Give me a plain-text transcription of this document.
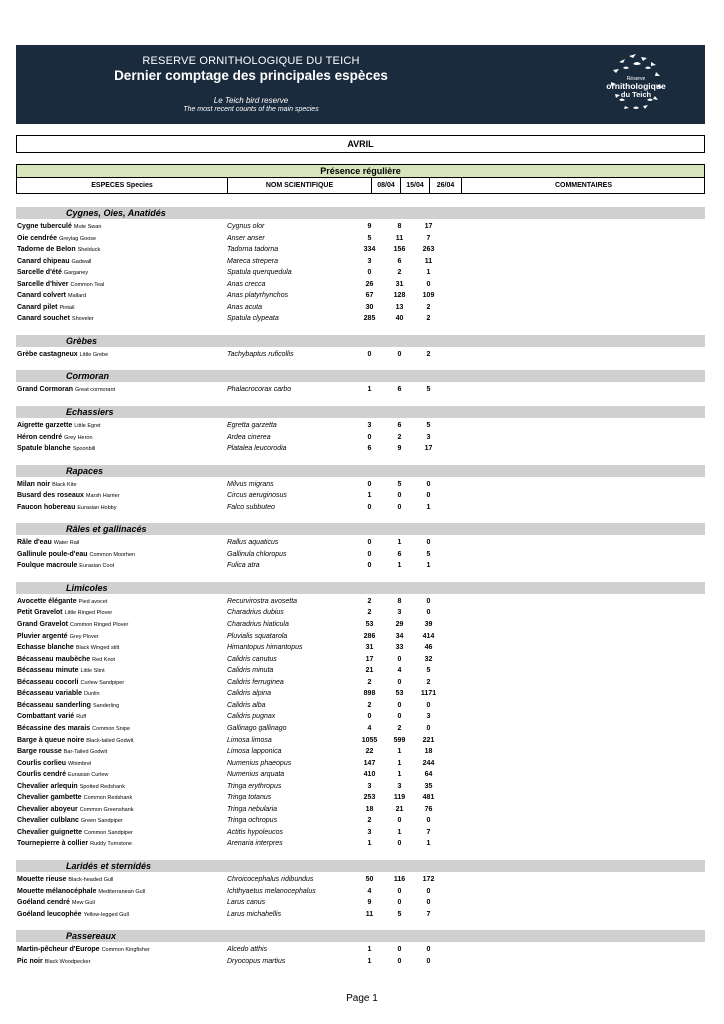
RESERVE ORNITHOLOGIQUE DU TEICH
Dernier comptage des principales espèces
Le Teich bird reserve
The most recent counts of the main species
Réserve
ornithologique
du Teich
AVRIL
Présence régulière
ESPECES Species	NOM SCIENTIFIQUE	08/04	15/04	26/04	COMMENTAIRES
Cygnes, Oies, Anatidés
Cygne tuberculé Mute Swan	Cygnus olor	9	8	17
Oie cendrée Greylag Goose	Anser anser	5	11	7
Tadorne de Belon Shelduck	Tadorna tadorna	334	156	263
Canard chipeau Gadwall	Mareca strepera	3	6	11
Sarcelle d'été Garganey	Spatula querquedula	0	2	1
Sarcelle d'hiver Common Teal	Anas crecca	26	31	0
Canard colvert Mallard	Anas platyrhynchos	67	128	109
Canard pilet Pintail	Anas acuta	30	13	2
Canard souchet Shoveler	Spatula clypeata	285	40	2
Grèbes
Grèbe castagneux Little Grebe	Tachybaptus ruficollis	0	0	2
Cormoran
Grand Cormoran Great cormorant	Phalacrocorax carbo	1	6	5
Echassiers
Aigrette garzette Little Egret	Egretta garzetta	3	6	5
Héron cendré Grey Heron	Ardea cinerea	0	2	3
Spatule blanche Spoonbill	Platalea leucorodia	6	9	17
Rapaces
Milan noir Black Kite	Milvus migrans	0	5	0
Busard des roseaux Marsh Harrier	Circus aeruginosus	1	0	0
Faucon hobereau Eurasian Hobby	Falco subbuteo	0	0	1
Râles et gallinacés
Râle d'eau Water Rail	Rallus aquaticus	0	1	0
Gallinule poule-d'eau Common Moorhen	Gallinula chloropus	0	6	5
Foulque macroule Eurasian Coot	Fulica atra	0	1	1
Limicoles
Avocette élégante Pied avocet	Recurvirostra avosetta	2	8	0
Petit Gravelot Little Ringed Plover	Charadrius dubius	2	3	0
Grand Gravelot Common Ringed Plover	Charadrius hiaticula	53	29	39
Pluvier argenté Grey Plover	Pluvialis squatarola	286	34	414
Echasse blanche Black Winged stilt	Himantopus himantopus	31	33	46
Bécasseau maubèche Red Knot	Calidris canutus	17	0	32
Bécasseau minute Little Stint	Calidris minuta	21	4	5
Bécasseau cocorli Curlew Sandpiper	Calidris ferruginea	2	0	2
Bécasseau variable Dunlin	Calidris alpina	898	53	1171
Bécasseau sanderling Sanderling	Calidris alba	2	0	0
Combattant varié Ruff	Calidris pugnax	0	0	3
Bécassine des marais Common Snipe	Gallinago gallinago	4	2	0
Barge à queue noire Black-tailed Godwit	Limosa limosa	1055	599	221
Barge rousse Bar-Tailed Godwit	Limosa lapponica	22	1	18
Courlis corlieu Whimbrel	Numenius phaeopus	147	1	244
Courlis cendré Eurasian Curlew	Numenius arquata	410	1	64
Chevalier arlequin Spotted Redshank	Tringa erythropus	3	3	35
Chevalier gambette Common Redshank	Tringa totanus	253	119	481
Chevalier aboyeur Common Greenshank	Tringa nebularia	18	21	76
Chevalier culblanc Green Sandpiper	Tringa ochropus	2	0	0
Chevalier guignette Common Sandpiper	Actitis hypoleucos	3	1	7
Tournepierre à collier Ruddy Turnstone	Arenaria interpres	1	0	1
Laridés et sternidés
Mouette rieuse Black-headed Gull	Chroicocephalus ridibundus	50	116	172
Mouette mélanocéphale Mediterranean Gull	Ichthyaetus melanocephalus	4	0	0
Goéland cendré Mew Gull	Larus canus	9	0	0
Goéland leucophée Yellow-legged Gull	Larus michahellis	11	5	7
Passereaux
Martin-pêcheur d'Europe Common Kingfisher	Alcedo atthis	1	0	0
Pic noir Black Woodpecker	Dryocopus martius	1	0	0
Page 1
